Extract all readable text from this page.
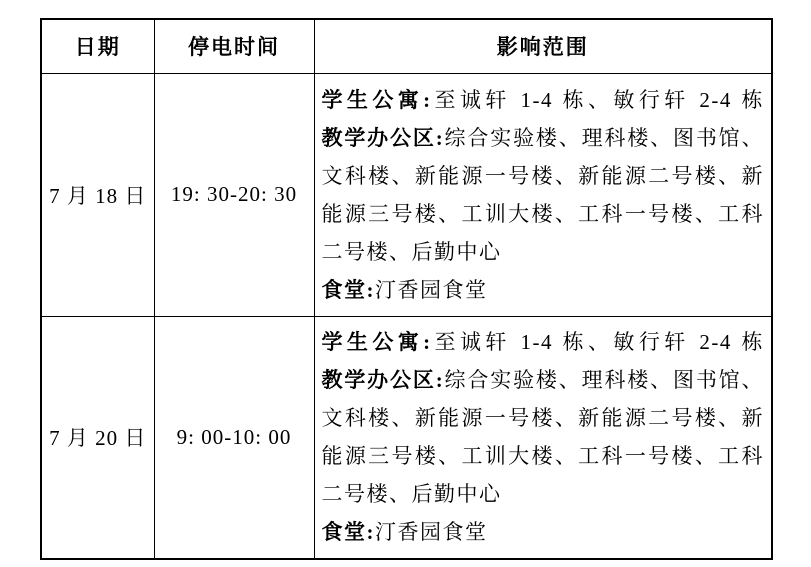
日期	停电时间	影响范围
7 月 18 日	19: 30-20: 30	学生公寓:至诚轩 1-4 栋、敏行轩 2-4 栋

教学办公区:综合实验楼、理科楼、图书馆、文科楼、新能源一号楼、新能源二号楼、新能源三号楼、工训大楼、工科一号楼、工科二号楼、后勤中心

食堂:汀香园食堂

7 月 20 日	9: 00-10: 00	学生公寓:至诚轩 1-4 栋、敏行轩 2-4 栋

教学办公区:综合实验楼、理科楼、图书馆、文科楼、新能源一号楼、新能源二号楼、新能源三号楼、工训大楼、工科一号楼、工科二号楼、后勤中心

食堂:汀香园食堂
